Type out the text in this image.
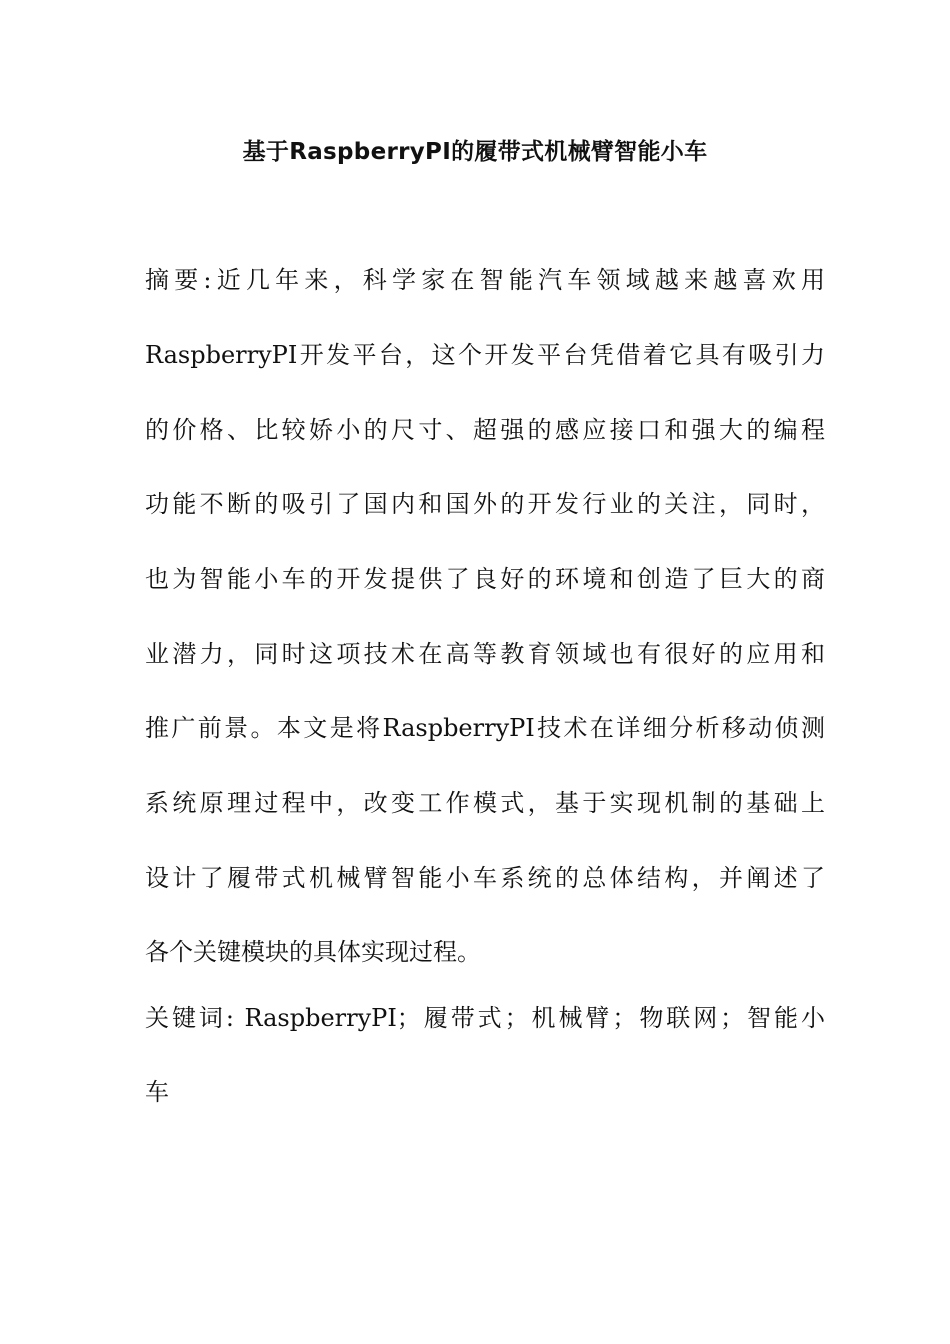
基于RaspberryPI的履带式机械臂智能小车

摘要:近几年来，科学家在智能汽车领域越来越喜欢用

RaspberryPI开发平台，这个开发平台凭借着它具有吸引力

的价格、比较娇小的尺寸、超强的感应接口和强大的编程

功能不断的吸引了国内和国外的开发行业的关注，同时，

也为智能小车的开发提供了良好的环境和创造了巨大的商

业潜力，同时这项技术在高等教育领域也有很好的应用和

推广前景。本文是将RaspberryPI技术在详细分析移动侦测

系统原理过程中，改变工作模式，基于实现机制的基础上

设计了履带式机械臂智能小车系统的总体结构，并阐述了

各个关键模块的具体实现过程。

关键词: RaspberryPI；履带式；机械臂；物联网；智能小

车
